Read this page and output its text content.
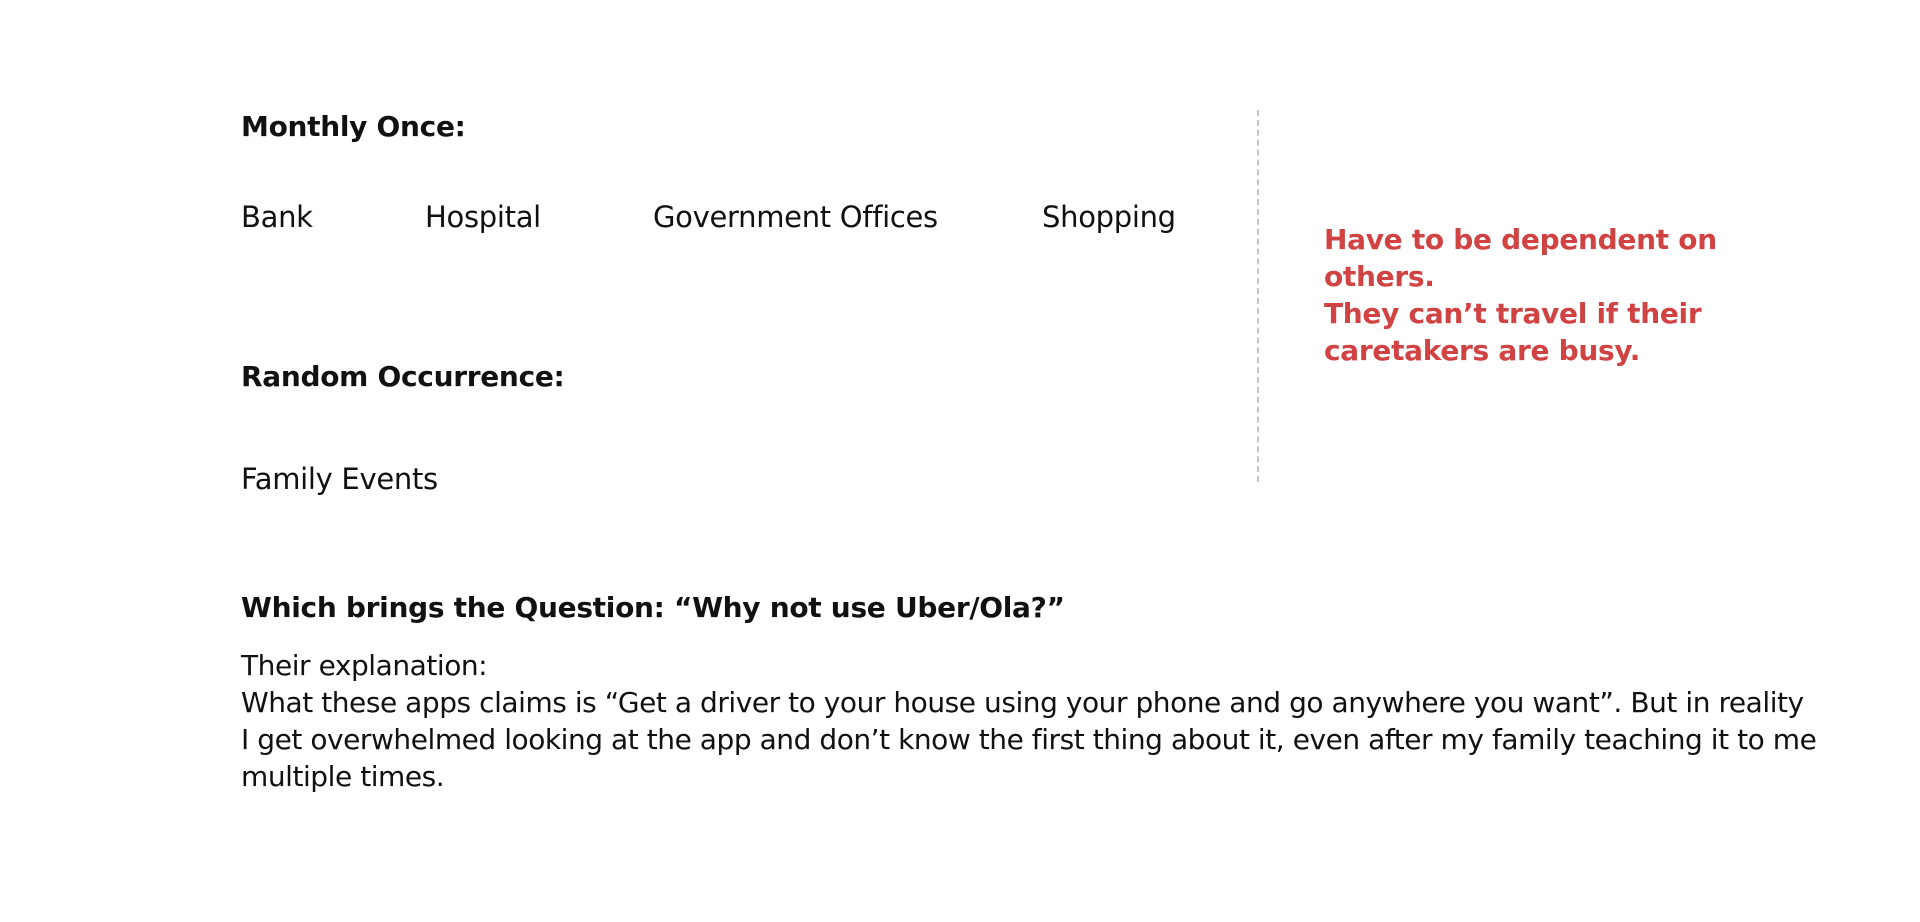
Monthly Once:
Bank	Hospital	Government Offices	Shopping
Random Occurrence:
Family Events
Have to be dependent on
others.
They can’t travel if their
caretakers are busy.
Which brings the Question: “Why not use Uber/Ola?”
Their explanation:
What these apps claims is “Get a driver to your house using your phone and go anywhere you want”. But in reality
I get overwhelmed looking at the app and don’t know the first thing about it, even after my family teaching it to me
multiple times.
